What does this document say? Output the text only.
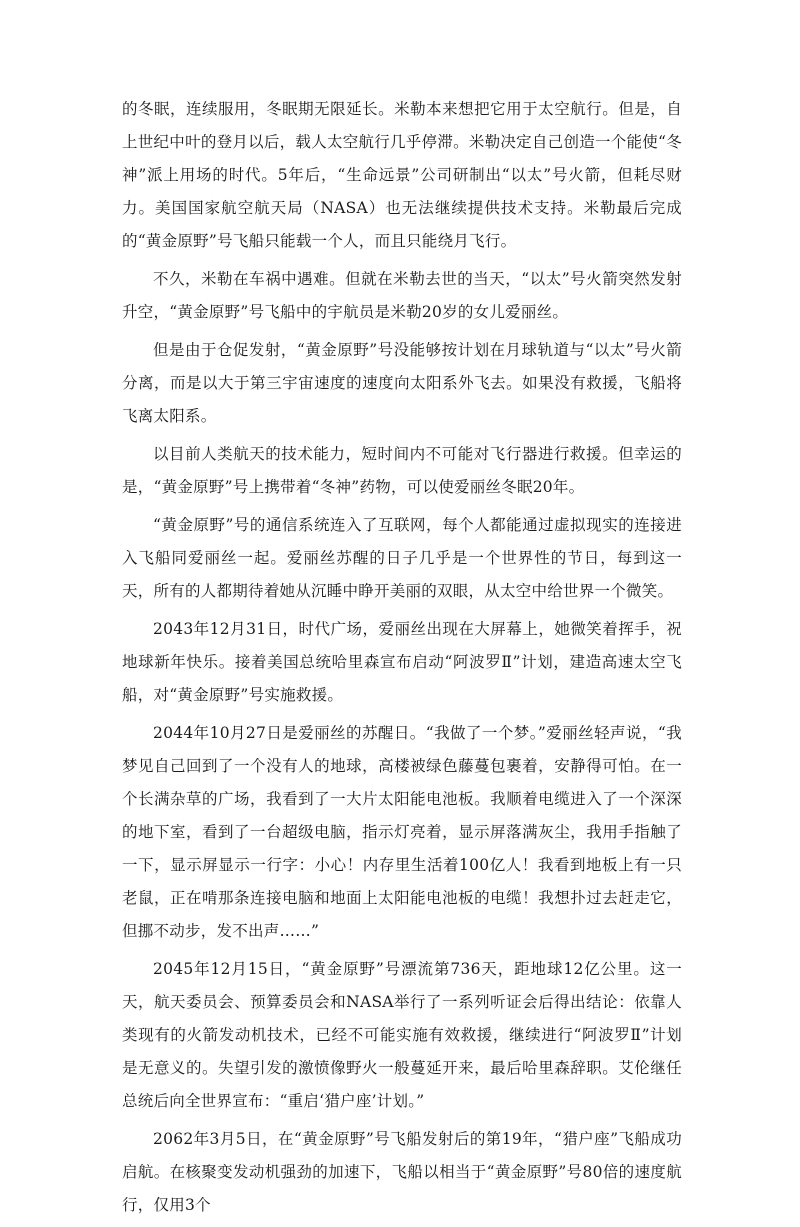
的冬眠，连续服用，冬眠期无限延长。米勒本来想把它用于太空航行。但是，自上世纪中叶的登月以后，载人太空航行几乎停滞。米勒决定自己创造一个能使“冬神”派上用场的时代。5年后，“生命远景”公司研制出“以太”号火箭，但耗尽财力。美国国家航空航天局（NASA）也无法继续提供技术支持。米勒最后完成的“黄金原野”号飞船只能载一个人，而且只能绕月飞行。

不久，米勒在车祸中遇难。但就在米勒去世的当天，“以太”号火箭突然发射升空，“黄金原野”号飞船中的宇航员是米勒20岁的女儿爱丽丝。

但是由于仓促发射，“黄金原野”号没能够按计划在月球轨道与“以太”号火箭分离，而是以大于第三宇宙速度的速度向太阳系外飞去。如果没有救援，飞船将飞离太阳系。

以目前人类航天的技术能力，短时间内不可能对飞行器进行救援。但幸运的是，“黄金原野”号上携带着“冬神”药物，可以使爱丽丝冬眠20年。

“黄金原野”号的通信系统连入了互联网，每个人都能通过虚拟现实的连接进入飞船同爱丽丝一起。爱丽丝苏醒的日子几乎是一个世界性的节日，每到这一天，所有的人都期待着她从沉睡中睁开美丽的双眼，从太空中给世界一个微笑。

2043年12月31日，时代广场，爱丽丝出现在大屏幕上，她微笑着挥手，祝地球新年快乐。接着美国总统哈里森宣布启动“阿波罗Ⅱ”计划，建造高速太空飞船，对“黄金原野”号实施救援。

2044年10月27日是爱丽丝的苏醒日。“我做了一个梦。”爱丽丝轻声说，“我梦见自己回到了一个没有人的地球，高楼被绿色藤蔓包裹着，安静得可怕。在一个长满杂草的广场，我看到了一大片太阳能电池板。我顺着电缆进入了一个深深的地下室，看到了一台超级电脑，指示灯亮着，显示屏落满灰尘，我用手指触了一下，显示屏显示一行字：小心！内存里生活着100亿人！我看到地板上有一只老鼠，正在啃那条连接电脑和地面上太阳能电池板的电缆！我想扑过去赶走它，但挪不动步，发不出声……”

2045年12月15日，“黄金原野”号漂流第736天，距地球12亿公里。这一天，航天委员会、预算委员会和NASA举行了一系列听证会后得出结论：依靠人类现有的火箭发动机技术，已经不可能实施有效救援，继续进行“阿波罗Ⅱ”计划是无意义的。失望引发的激愤像野火一般蔓延开来，最后哈里森辞职。艾伦继任总统后向全世界宣布：“重启‘猎户座’计划。”

2062年3月5日，在“黄金原野”号飞船发射后的第19年，“猎户座”飞船成功启航。在核聚变发动机强劲的加速下，飞船以相当于“黄金原野”号80倍的速度航行，仅用3个
